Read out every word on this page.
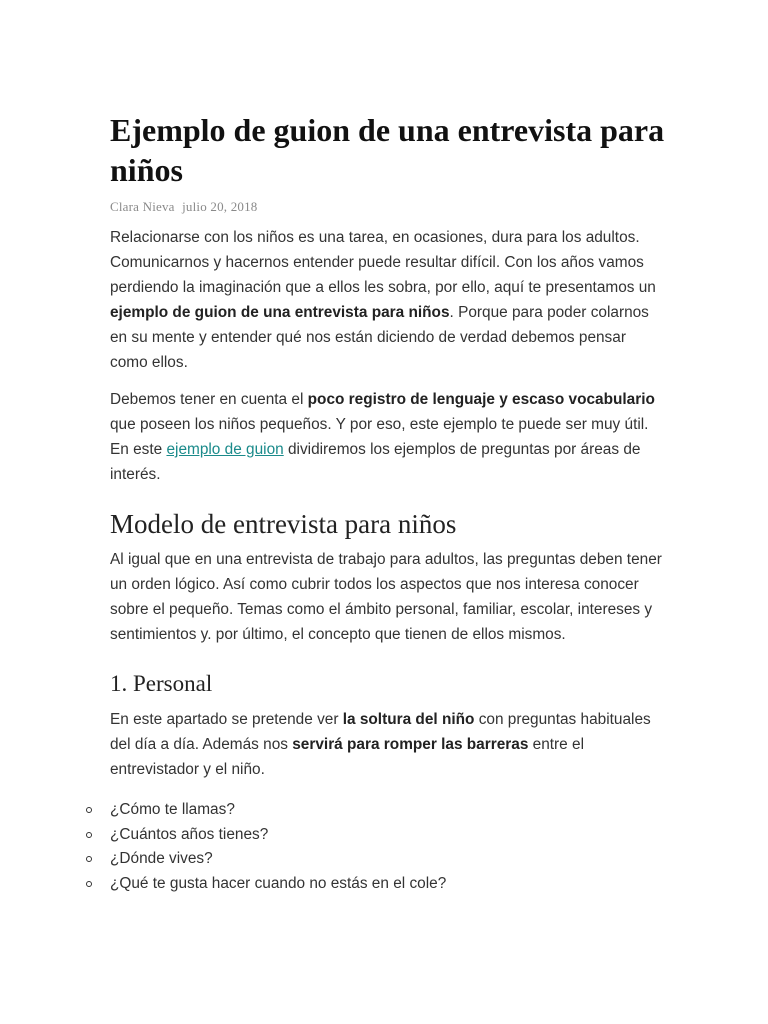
Ejemplo de guion de una entrevista para niños
Clara Nieva julio 20, 2018

Relacionarse con los niños es una tarea, en ocasiones, dura para los adultos. Comunicarnos y hacernos entender puede resultar difícil. Con los años vamos perdiendo la imaginación que a ellos les sobra, por ello, aquí te presentamos un ejemplo de guion de una entrevista para niños. Porque para poder colarnos en su mente y entender qué nos están diciendo de verdad debemos pensar como ellos.

Debemos tener en cuenta el poco registro de lenguaje y escaso vocabulario que poseen los niños pequeños. Y por eso, este ejemplo te puede ser muy útil. En este ejemplo de guion dividiremos los ejemplos de preguntas por áreas de interés.

Modelo de entrevista para niños

Al igual que en una entrevista de trabajo para adultos, las preguntas deben tener un orden lógico. Así como cubrir todos los aspectos que nos interesa conocer sobre el pequeño. Temas como el ámbito personal, familiar, escolar, intereses y sentimientos y. por último, el concepto que tienen de ellos mismos.

1. Personal

En este apartado se pretende ver la soltura del niño con preguntas habituales del día a día. Además nos servirá para romper las barreras entre el entrevistador y el niño.

¿Cómo te llamas?
¿Cuántos años tienes?
¿Dónde vives?
¿Qué te gusta hacer cuando no estás en el cole?
